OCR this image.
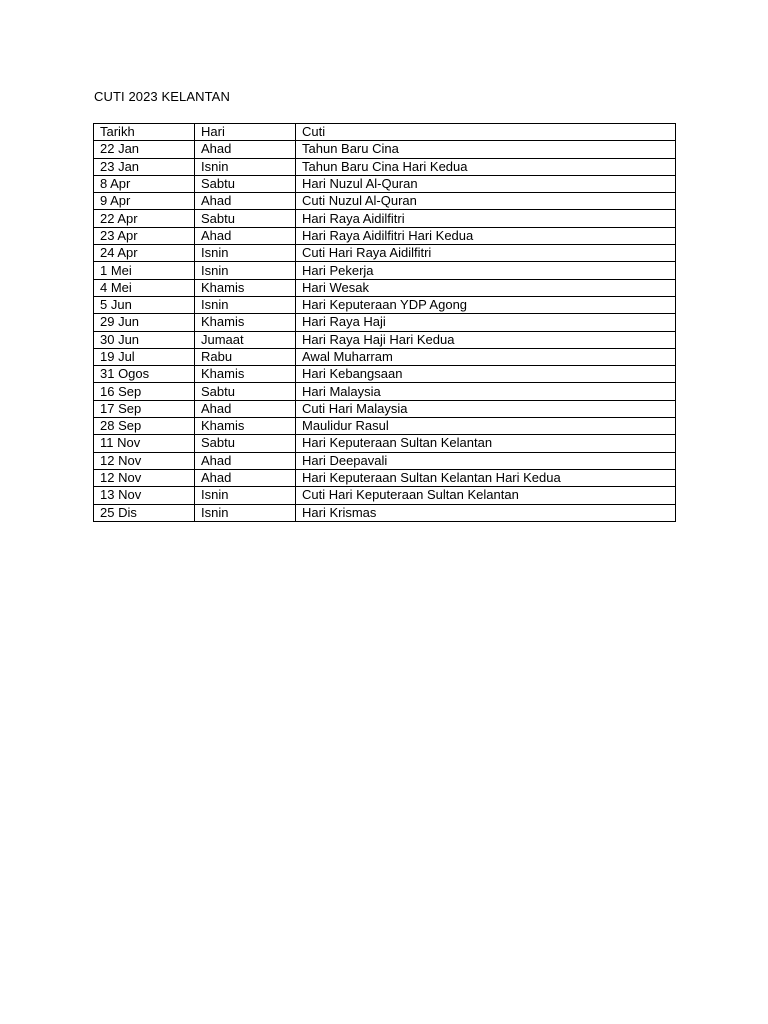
CUTI 2023 KELANTAN
Tarikh	Hari	Cuti
22 Jan	Ahad	Tahun Baru Cina
23 Jan	Isnin	Tahun Baru Cina Hari Kedua
8 Apr	Sabtu	Hari Nuzul Al-Quran
9 Apr	Ahad	Cuti Nuzul Al-Quran
22 Apr	Sabtu	Hari Raya Aidilfitri
23 Apr	Ahad	Hari Raya Aidilfitri Hari Kedua
24 Apr	Isnin	Cuti Hari Raya Aidilfitri
1 Mei	Isnin	Hari Pekerja
4 Mei	Khamis	Hari Wesak
5 Jun	Isnin	Hari Keputeraan YDP Agong
29 Jun	Khamis	Hari Raya Haji
30 Jun	Jumaat	Hari Raya Haji Hari Kedua
19 Jul	Rabu	Awal Muharram
31 Ogos	Khamis	Hari Kebangsaan
16 Sep	Sabtu	Hari Malaysia
17 Sep	Ahad	Cuti Hari Malaysia
28 Sep	Khamis	Maulidur Rasul
11 Nov	Sabtu	Hari Keputeraan Sultan Kelantan
12 Nov	Ahad	Hari Deepavali
12 Nov	Ahad	Hari Keputeraan Sultan Kelantan Hari Kedua
13 Nov	Isnin	Cuti Hari Keputeraan Sultan Kelantan
25 Dis	Isnin	Hari Krismas
